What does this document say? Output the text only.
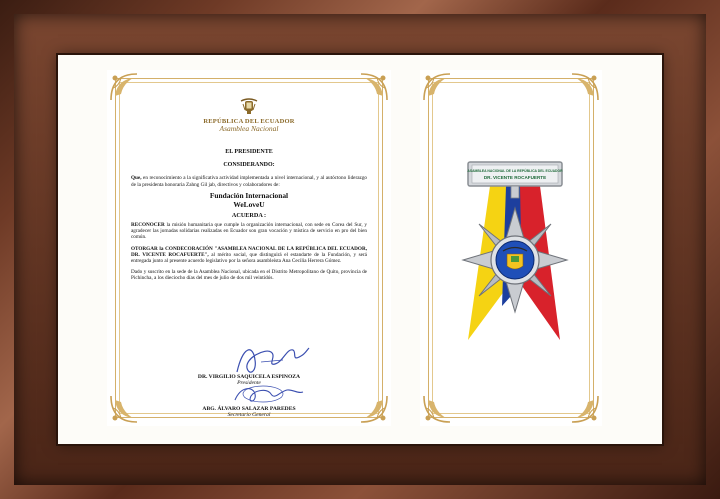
REPÚBLICA DEL ECUADOR
Asamblea Nacional
EL PRESIDENTE
CONSIDERANDO:

Que, en reconocimiento a la significativa actividad implementada a nivel internacional, y al autóctono liderazgo de la presidenta honoraria Zahng Gil jab, directivos y colaboradores de:

Fundación Internacional
WeLoveU
ACUERDA :

RECONOCER la misión humanitaria que cumple la organización internacional, con sede en Corea del Sur, y agradecer las jornadas solidarias realizadas en Ecuador son gran vocación y mística de servicio en pro del bien común.

OTORGAR la CONDECORACIÓN "ASAMBLEA NACIONAL DE LA REPÚBLICA DEL ECUADOR, DR. VICENTE ROCAFUERTE", al mérito social, que distinguirá el estandarte de la Fundación, y será entregada junto al presente acuerdo legislativo por la señora asambleísta Ana Cecilia Herrera Gómez.

Dado y suscrito en la sede de la Asamblea Nacional, ubicada en el Distrito Metropolitano de Quito, provincia de Pichincha, a los dieciocho días del mes de julio de dos mil veintidós.

DR. VIRGILIO SAQUICELA ESPINOZA
Presidente
ABG. ÁLVARO SALAZAR PAREDES
Secretario General
ASAMBLEA NACIONAL DE LA REPÚBLICA DEL ECUADOR
DR. VICENTE ROCAFUERTE
